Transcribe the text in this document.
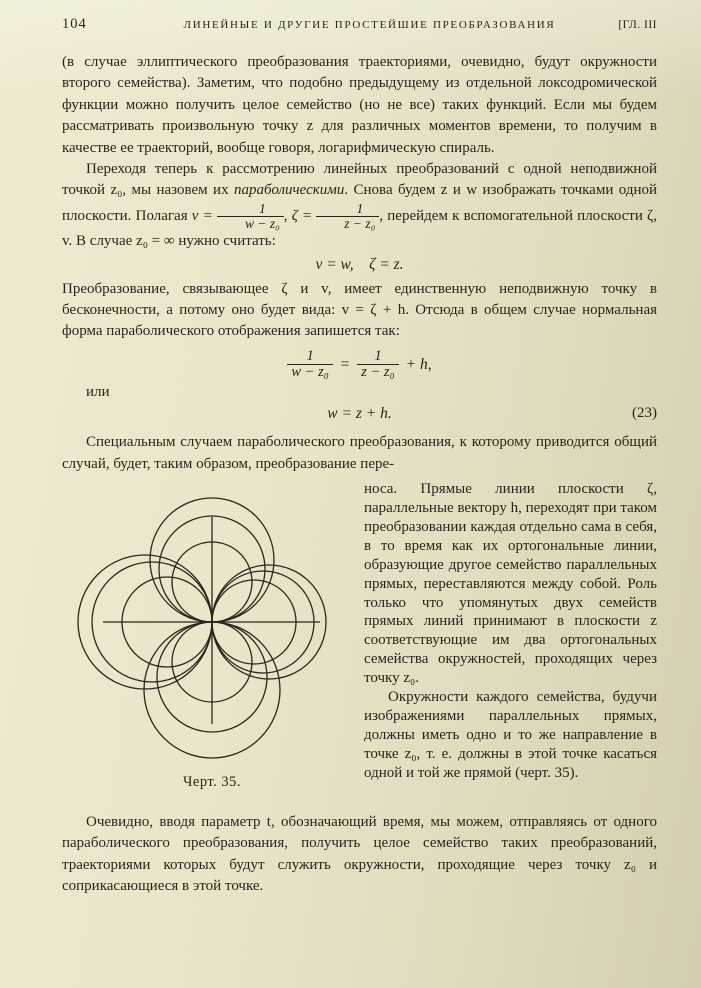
104	ЛИНЕЙНЫЕ И ДРУГИЕ ПРОСТЕЙШИЕ ПРЕОБРАЗОВАНИЯ	[ГЛ. III

(в случае эллиптического преобразования траекториями, очевидно, будут окружности второго семейства). Заметим, что подобно предыдущему из отдельной локсодромической функции можно получить целое семейство (но не все) таких функций. Если мы будем рассматривать произвольную точку z для различных моментов времени, то получим в качестве ее траекторий, вообще говоря, логарифмическую спираль.

Переходя теперь к рассмотрению линейных преобразований с одной неподвижной точкой z₀, мы назовем их параболическими. Снова будем z и w изображать точками одной плоскости. Полагая $v = \frac{1}{\text{w − z₀}}$ , $\zeta = \frac{1}{\text{z − z₀}}$ , перейдем к вспомогательной плоскости ζ, v. В случае z₀ = ∞ нужно считать:

v = w,  ζ = z.

Преобразование, связывающее ζ и v, имеет единственную неподвижную точку в бесконечности, а потому оно будет вида: v = ζ + h. Отсюда в общем случае нормальная форма параболического отображения запишется так:

$\frac{1}{\text{w − z₀}} = \frac{1}{\text{z − z₀}} + h$,
или
w = z + h.	(23)

Специальным случаем параболического преобразования, к которому приводится общий случай, будет, таким образом, преобразование пере-

Черт. 35.

носа. Прямые линии плоскости ζ, параллельные вектору h, переходят при таком преобразовании каждая отдельно сама в себя, в то время как их ортогональные линии, образующие другое семейство параллельных прямых, переставляются между собой. Роль только что упомянутых двух семейств прямых линий принимают в плоскости z соответствующие им два ортогональных семейства окружностей, проходящих через точку z₀.

Окружности каждого семейства, будучи изображениями параллельных прямых, должны иметь одно и то же направление в точке z₀, т. е. должны в этой точке касаться одной и той же прямой (черт. 35).

Очевидно, вводя параметр t, обозначающий время, мы можем, отправляясь от одного параболического преобразования, получить целое семейство таких преобразований, траекториями которых будут служить окружности, проходящие через точку z₀ и соприкасающиеся в этой точке.
